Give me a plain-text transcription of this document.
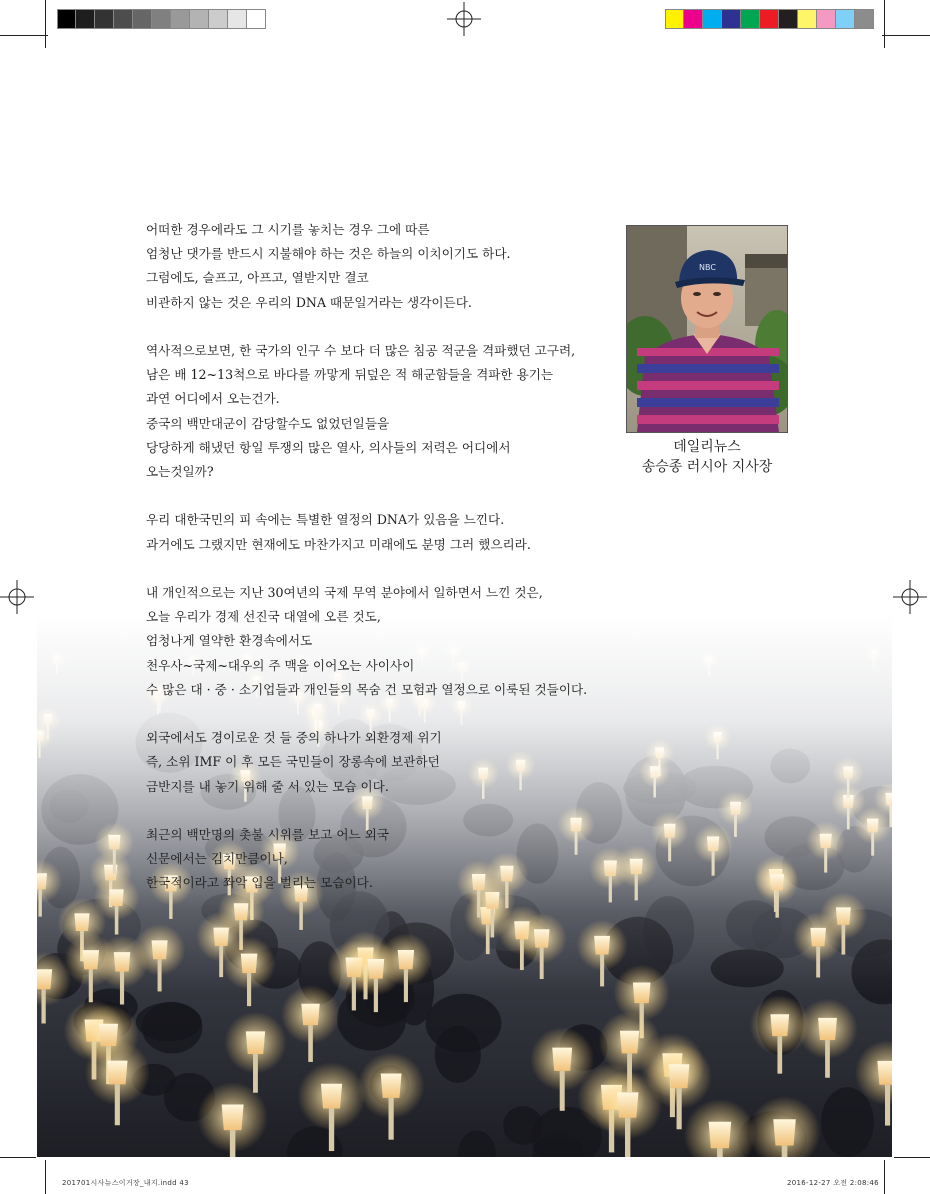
어떠한 경우에라도 그 시기를 놓치는 경우 그에 따른
엄청난 댓가를 반드시 지불해야 하는 것은 하늘의 이치이기도 하다.
그럼에도, 슬프고, 아프고, 열받지만 결코
비관하지 않는 것은 우리의 DNA 때문일거라는 생각이든다.
역사적으로보면, 한 국가의 인구 수 보다 더 많은 침공 적군을 격파했던 고구려,
남은 배 12~13척으로 바다를 까맣게 뒤덮은 적 해군함들을 격파한 용기는
과연 어디에서 오는건가.
중국의 백만대군이 감당할수도 없었던일들을
당당하게 해냈던 항일 투쟁의 많은 열사, 의사들의 저력은 어디에서
오는것일까?
우리 대한국민의 피 속에는 특별한 열정의 DNA가 있음을 느낀다.
과거에도 그랬지만 현재에도 마찬가지고 미래에도 분명 그러 했으리라.
내 개인적으로는 지난 30여년의 국제 무역 분야에서 일하면서 느낀 것은,
오늘 우리가 경제 선진국 대열에 오른 것도,
엄청나게 열약한 환경속에서도
천우사~국제~대우의 주 맥을 이어오는 사이사이
수 많은 대 · 중 · 소기업들과 개인들의 목숨 건 모험과 열정으로 이룩된 것들이다.
외국에서도 경이로운 것 들 중의 하나가 외환경제 위기
즉, 소위 IMF 이 후 모든 국민들이 장롱속에 보관하던
금반지를 내 놓기 위해 줄 서 있는 모습 이다.
최근의 백만명의 촛불 시위를 보고 어느 외국
신문에서는 김치만큼이나,
한국적이라고 쫘악 입을 벌리는 모습이다.
NBC
데일리뉴스
송승종 러시아 지사장
201701시사뉴스이거장_내지.indd 43	2016-12-27 오전 2:08:46
